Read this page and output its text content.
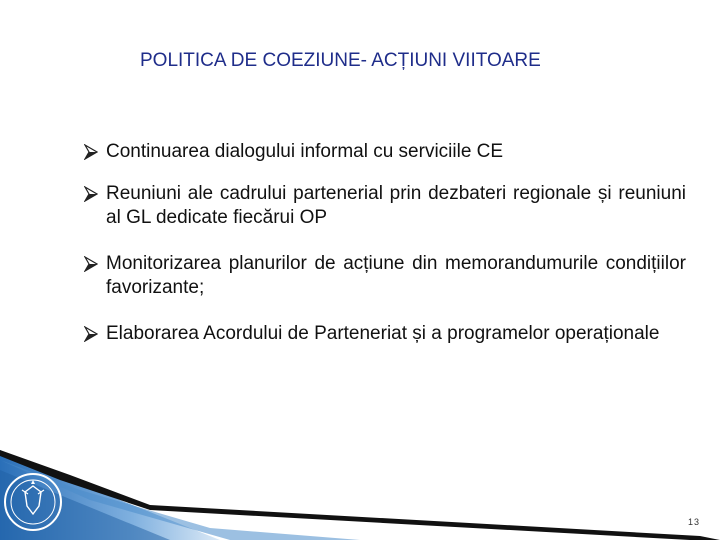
POLITICA DE COEZIUNE- ACȚIUNI VIITOARE
Continuarea dialogului informal cu serviciile CE
Reuniuni ale cadrului partenerial prin dezbateri regionale și reuniuni al GL dedicate fiecărui OP
Monitorizarea planurilor de acțiune din memorandumurile condițiilor favorizante;
Elaborarea Acordului de Parteneriat și a programelor operaționale
13
